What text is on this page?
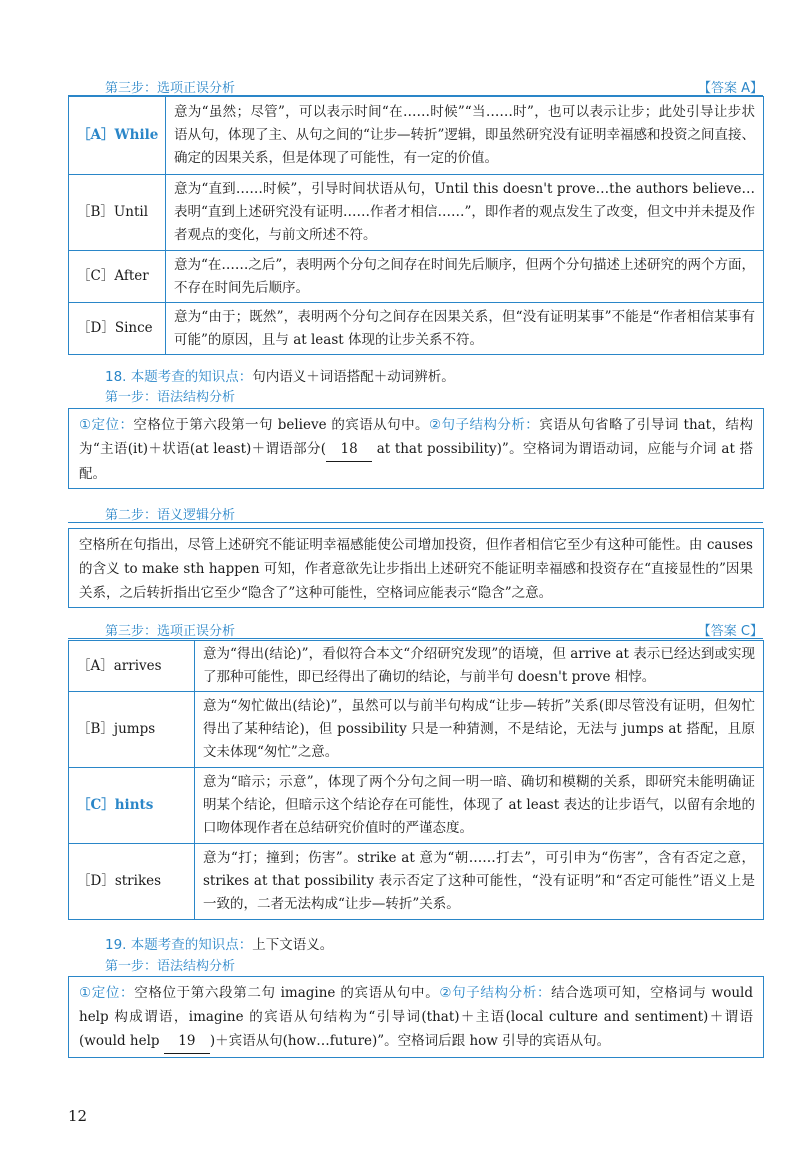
第三步：选项正误分析	【答案 A】
［A］While	意为“虽然；尽管”，可以表示时间“在……时候”“当……时”，也可以表示让步；此处引导让步状语从句，体现了主、从句之间的“让步—转折”逻辑，即虽然研究没有证明幸福感和投资之间直接、确定的因果关系，但是体现了可能性，有一定的价值。
［B］Until	意为“直到……时候”，引导时间状语从句，Until this doesn't prove…the authors believe…表明“直到上述研究没有证明……作者才相信……”，即作者的观点发生了改变，但文中并未提及作者观点的变化，与前文所述不符。
［C］After	意为“在……之后”，表明两个分句之间存在时间先后顺序，但两个分句描述上述研究的两个方面，不存在时间先后顺序。
［D］Since	意为“由于；既然”，表明两个分句之间存在因果关系，但“没有证明某事”不能是“作者相信某事有可能”的原因，且与 at least 体现的让步关系不符。
18. 本题考查的知识点：句内语义＋词语搭配＋动词辨析。
第一步：语法结构分析
①定位：空格位于第六段第一句 believe 的宾语从句中。②句子结构分析：宾语从句省略了引导词 that，结构为“主语(it)＋状语(at least)＋谓语部分( 18 at that possibility)”。空格词为谓语动词，应能与介词 at 搭配。
第二步：语义逻辑分析
空格所在句指出，尽管上述研究不能证明幸福感能使公司增加投资，但作者相信它至少有这种可能性。由 causes 的含义 to make sth happen 可知，作者意欲先让步指出上述研究不能证明幸福感和投资存在“直接显性的”因果关系，之后转折指出它至少“隐含了”这种可能性，空格词应能表示“隐含”之意。
第三步：选项正误分析	【答案 C】
［A］arrives	意为“得出(结论)”，看似符合本文“介绍研究发现”的语境，但 arrive at 表示已经达到或实现了那种可能性，即已经得出了确切的结论，与前半句 doesn't prove 相悖。
［B］jumps	意为“匆忙做出(结论)”，虽然可以与前半句构成“让步—转折”关系(即尽管没有证明，但匆忙得出了某种结论)，但 possibility 只是一种猜测，不是结论，无法与 jumps at 搭配，且原文未体现“匆忙”之意。
［C］hints	意为“暗示；示意”，体现了两个分句之间一明一暗、确切和模糊的关系，即研究未能明确证明某个结论，但暗示这个结论存在可能性，体现了 at least 表达的让步语气，以留有余地的口吻体现作者在总结研究价值时的严谨态度。
［D］strikes	意为“打；撞到；伤害”。strike at 意为“朝……打去”，可引申为“伤害”，含有否定之意，strikes at that possibility 表示否定了这种可能性，“没有证明”和“否定可能性”语义上是一致的，二者无法构成“让步—转折”关系。
19. 本题考查的知识点：上下文语义。
第一步：语法结构分析
①定位：空格位于第六段第二句 imagine 的宾语从句中。②句子结构分析：结合选项可知，空格词与 would help 构成谓语，imagine 的宾语从句结构为“引导词(that)＋主语(local culture and sentiment)＋谓语(would help 19 )＋宾语从句(how…future)”。空格词后跟 how 引导的宾语从句。
12
